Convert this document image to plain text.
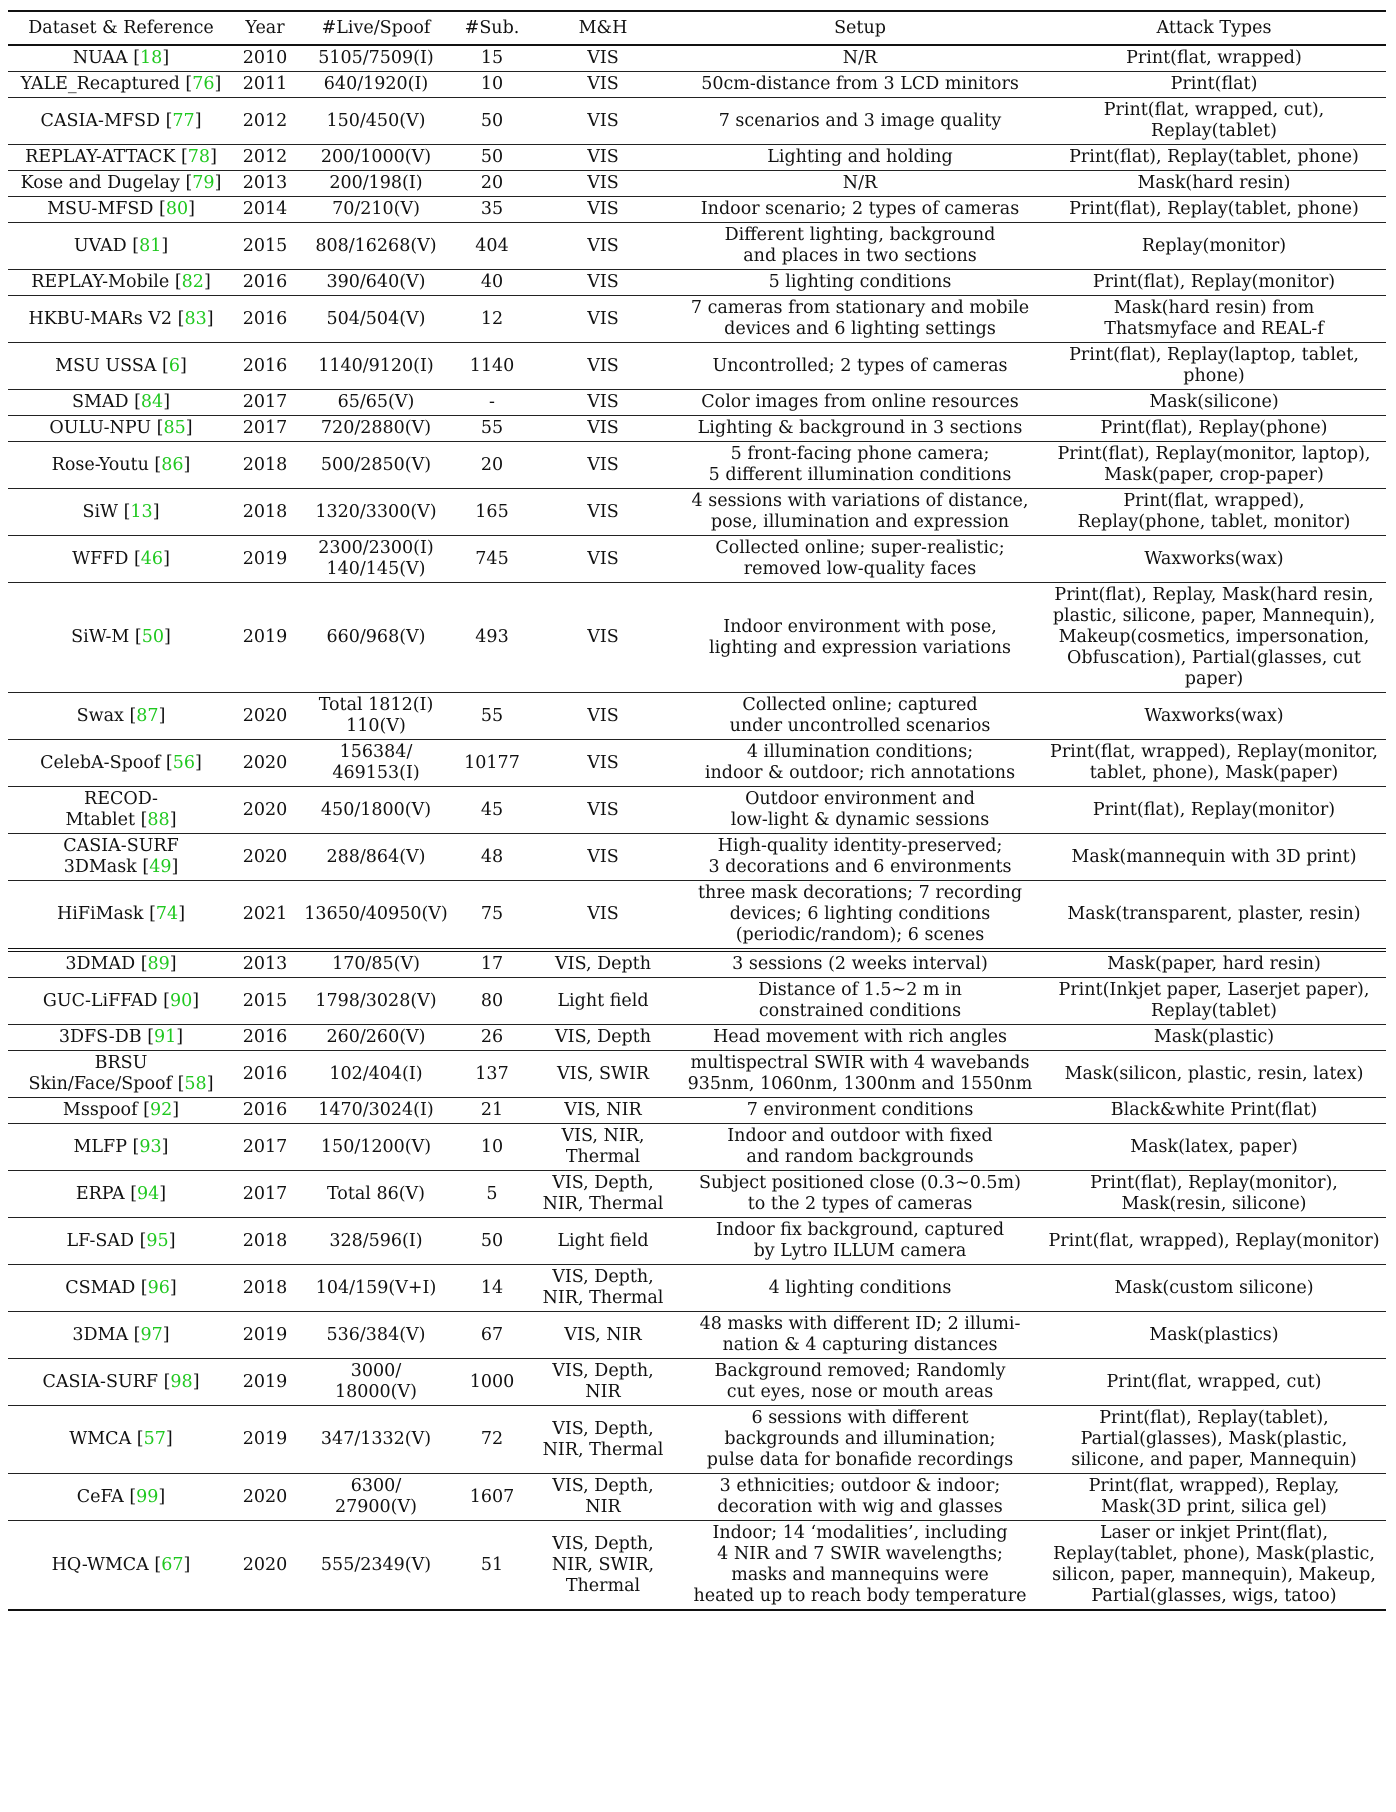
Dataset & Reference	Year	#Live/Spoof	#Sub.	M&H	Setup	Attack Types
NUAA [18]	2010	5105/7509(I)	15	VIS	N/R	Print(flat, wrapped)
YALE_Recaptured [76]	2011	640/1920(I)	10	VIS	50cm-distance from 3 LCD minitors	Print(flat)
CASIA-MFSD [77]	2012	150/450(V)	50	VIS	7 scenarios and 3 image quality	Print(flat, wrapped, cut), Replay(tablet)
REPLAY-ATTACK [78]	2012	200/1000(V)	50	VIS	Lighting and holding	Print(flat), Replay(tablet, phone)
Kose and Dugelay [79]	2013	200/198(I)	20	VIS	N/R	Mask(hard resin)
MSU-MFSD [80]	2014	70/210(V)	35	VIS	Indoor scenario; 2 types of cameras	Print(flat), Replay(tablet, phone)
UVAD [81]	2015	808/16268(V)	404	VIS	Different lighting, background
and places in two sections	Replay(monitor)
REPLAY-Mobile [82]	2016	390/640(V)	40	VIS	5 lighting conditions	Print(flat), Replay(monitor)
HKBU-MARs V2 [83]	2016	504/504(V)	12	VIS	7 cameras from stationary and mobile
devices and 6 lighting settings	Mask(hard resin) from
Thatsmyface and REAL-f
MSU USSA [6]	2016	1140/9120(I)	1140	VIS	Uncontrolled; 2 types of cameras	Print(flat), Replay(laptop, tablet, phone)
SMAD [84]	2017	65/65(V)	-	VIS	Color images from online resources	Mask(silicone)
OULU-NPU [85]	2017	720/2880(V)	55	VIS	Lighting & background in 3 sections	Print(flat), Replay(phone)
Rose-Youtu [86]	2018	500/2850(V)	20	VIS	5 front-facing phone camera;
5 different illumination conditions	Print(flat), Replay(monitor, laptop),
Mask(paper, crop-paper)
SiW [13]	2018	1320/3300(V)	165	VIS	4 sessions with variations of distance,
pose, illumination and expression	Print(flat, wrapped),
Replay(phone, tablet, monitor)
WFFD [46]	2019	2300/2300(I)
140/145(V)	745	VIS	Collected online; super-realistic;
removed low-quality faces	Waxworks(wax)
SiW-M [50]	2019	660/968(V)	493	VIS	Indoor environment with pose,
lighting and expression variations	Print(flat), Replay, Mask(hard resin,
plastic, silicone, paper, Mannequin),
Makeup(cosmetics, impersonation,
Obfuscation), Partial(glasses, cut paper)
Swax [87]	2020	Total 1812(I)
110(V)	55	VIS	Collected online; captured
under uncontrolled scenarios	Waxworks(wax)
CelebA-Spoof [56]	2020	156384/
469153(I)	10177	VIS	4 illumination conditions;
indoor & outdoor; rich annotations	Print(flat, wrapped), Replay(monitor,
tablet, phone), Mask(paper)
RECOD-
Mtablet [88]	2020	450/1800(V)	45	VIS	Outdoor environment and
low-light & dynamic sessions	Print(flat), Replay(monitor)
CASIA-SURF
3DMask [49]	2020	288/864(V)	48	VIS	High-quality identity-preserved;
3 decorations and 6 environments	Mask(mannequin with 3D print)
HiFiMask [74]	2021	13650/40950(V)	75	VIS	three mask decorations; 7 recording
devices; 6 lighting conditions
(periodic/random); 6 scenes	Mask(transparent, plaster, resin)
3DMAD [89]	2013	170/85(V)	17	VIS, Depth	3 sessions (2 weeks interval)	Mask(paper, hard resin)
GUC-LiFFAD [90]	2015	1798/3028(V)	80	Light field	Distance of 1.5∼2 m in
constrained conditions	Print(Inkjet paper, Laserjet paper),
Replay(tablet)
3DFS-DB [91]	2016	260/260(V)	26	VIS, Depth	Head movement with rich angles	Mask(plastic)
BRSU
Skin/Face/Spoof [58]	2016	102/404(I)	137	VIS, SWIR	multispectral SWIR with 4 wavebands
935nm, 1060nm, 1300nm and 1550nm	Mask(silicon, plastic, resin, latex)
Msspoof [92]	2016	1470/3024(I)	21	VIS, NIR	7 environment conditions	Black&white Print(flat)
MLFP [93]	2017	150/1200(V)	10	VIS, NIR,
Thermal	Indoor and outdoor with fixed
and random backgrounds	Mask(latex, paper)
ERPA [94]	2017	Total 86(V)	5	VIS, Depth,
NIR, Thermal	Subject positioned close (0.3∼0.5m)
to the 2 types of cameras	Print(flat), Replay(monitor),
Mask(resin, silicone)
LF-SAD [95]	2018	328/596(I)	50	Light field	Indoor fix background, captured
by Lytro ILLUM camera	Print(flat, wrapped), Replay(monitor)
CSMAD [96]	2018	104/159(V+I)	14	VIS, Depth,
NIR, Thermal	4 lighting conditions	Mask(custom silicone)
3DMA [97]	2019	536/384(V)	67	VIS, NIR	48 masks with different ID; 2 illumi-
nation & 4 capturing distances	Mask(plastics)
CASIA-SURF [98]	2019	3000/
18000(V)	1000	VIS, Depth,
NIR	Background removed; Randomly
cut eyes, nose or mouth areas	Print(flat, wrapped, cut)
WMCA [57]	2019	347/1332(V)	72	VIS, Depth,
NIR, Thermal	6 sessions with different
backgrounds and illumination;
pulse data for bonafide recordings	Print(flat), Replay(tablet),
Partial(glasses), Mask(plastic,
silicone, and paper, Mannequin)
CeFA [99]	2020	6300/
27900(V)	1607	VIS, Depth,
NIR	3 ethnicities; outdoor & indoor;
decoration with wig and glasses	Print(flat, wrapped), Replay,
Mask(3D print, silica gel)
HQ-WMCA [67]	2020	555/2349(V)	51	VIS, Depth,
NIR, SWIR,
Thermal	Indoor; 14 ‘modalities’, including
4 NIR and 7 SWIR wavelengths;
masks and mannequins were
heated up to reach body temperature	Laser or inkjet Print(flat),
Replay(tablet, phone), Mask(plastic,
silicon, paper, mannequin), Makeup,
Partial(glasses, wigs, tatoo)
